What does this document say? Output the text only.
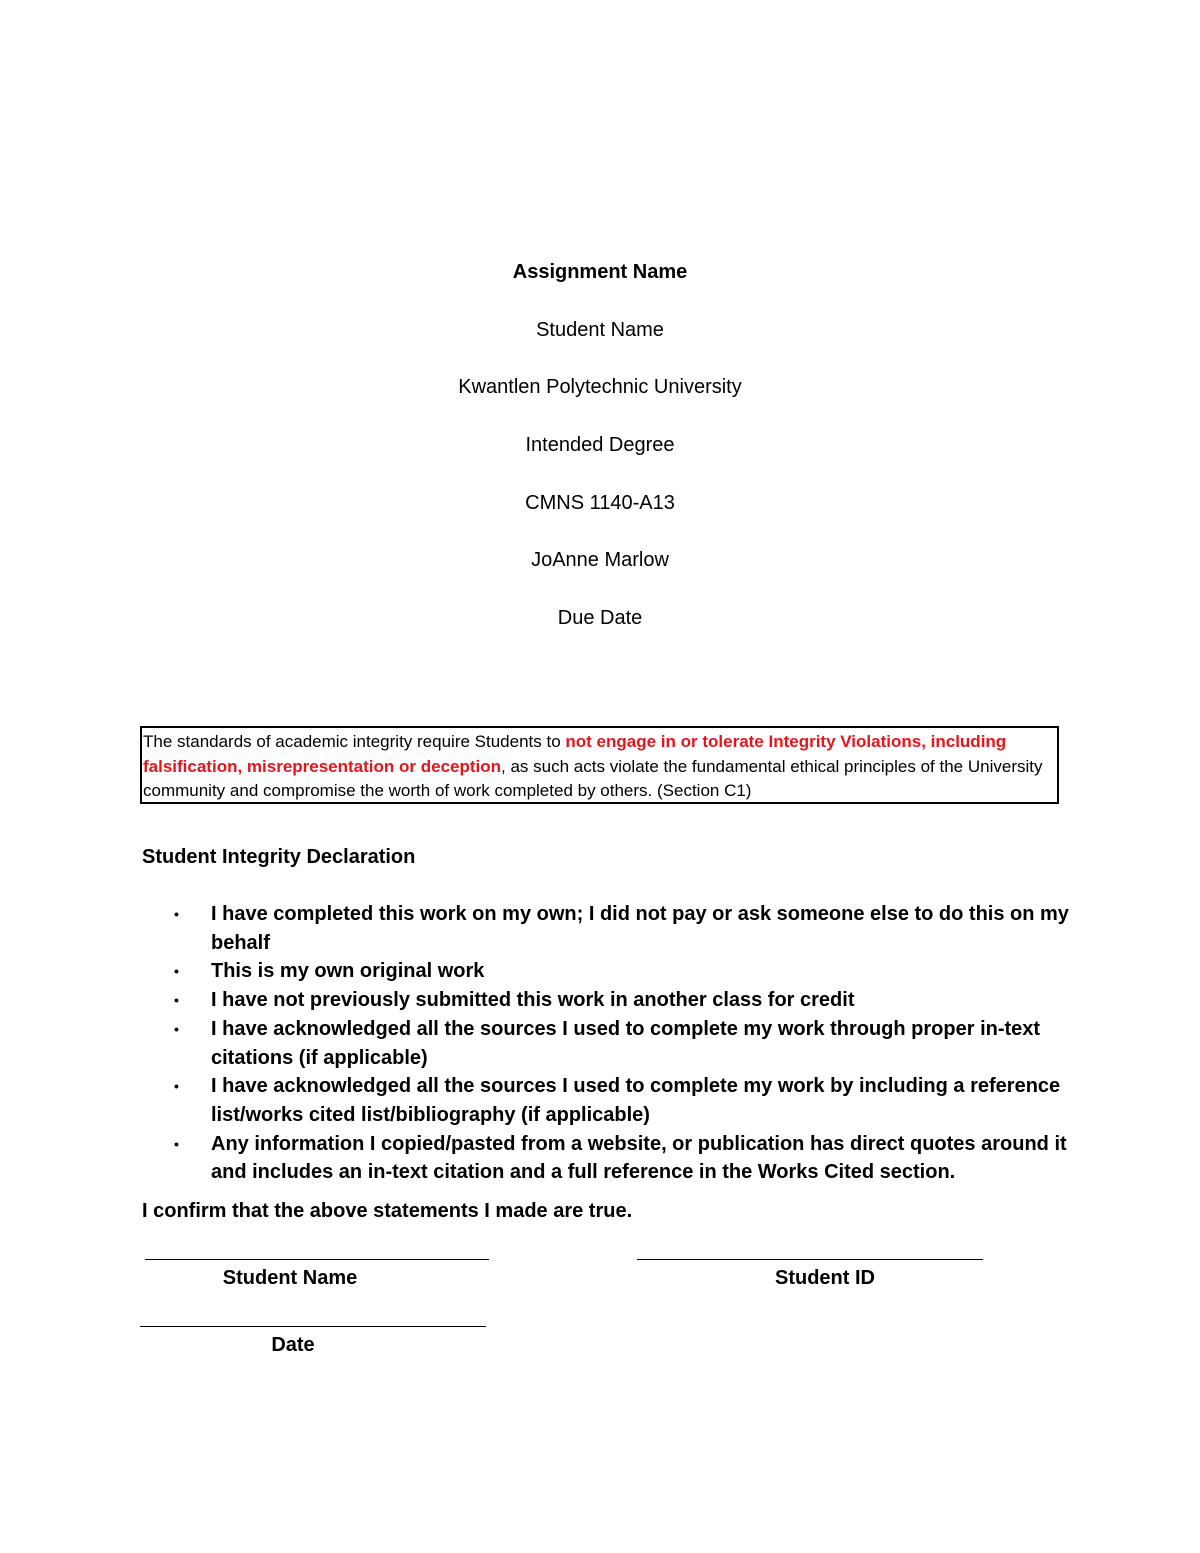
Assignment Name
Student Name
Kwantlen Polytechnic University
Intended Degree
CMNS 1140-A13
JoAnne Marlow
Due Date
The standards of academic integrity require Students to not engage in or tolerate Integrity Violations, including falsification, misrepresentation or deception, as such acts violate the fundamental ethical principles of the University community and compromise the worth of work completed by others. (Section C1)
Student Integrity Declaration
• I have completed this work on my own; I did not pay or ask someone else to do this on my behalf
• This is my own original work
• I have not previously submitted this work in another class for credit
• I have acknowledged all the sources I used to complete my work through proper in-text citations (if applicable)
• I have acknowledged all the sources I used to complete my work by including a reference list/works cited list/bibliography (if applicable)
• Any information I copied/pasted from a website, or publication has direct quotes around it and includes an in-text citation and a full reference in the Works Cited section.
I confirm that the above statements I made are true.
Student Name	Student ID
Date
